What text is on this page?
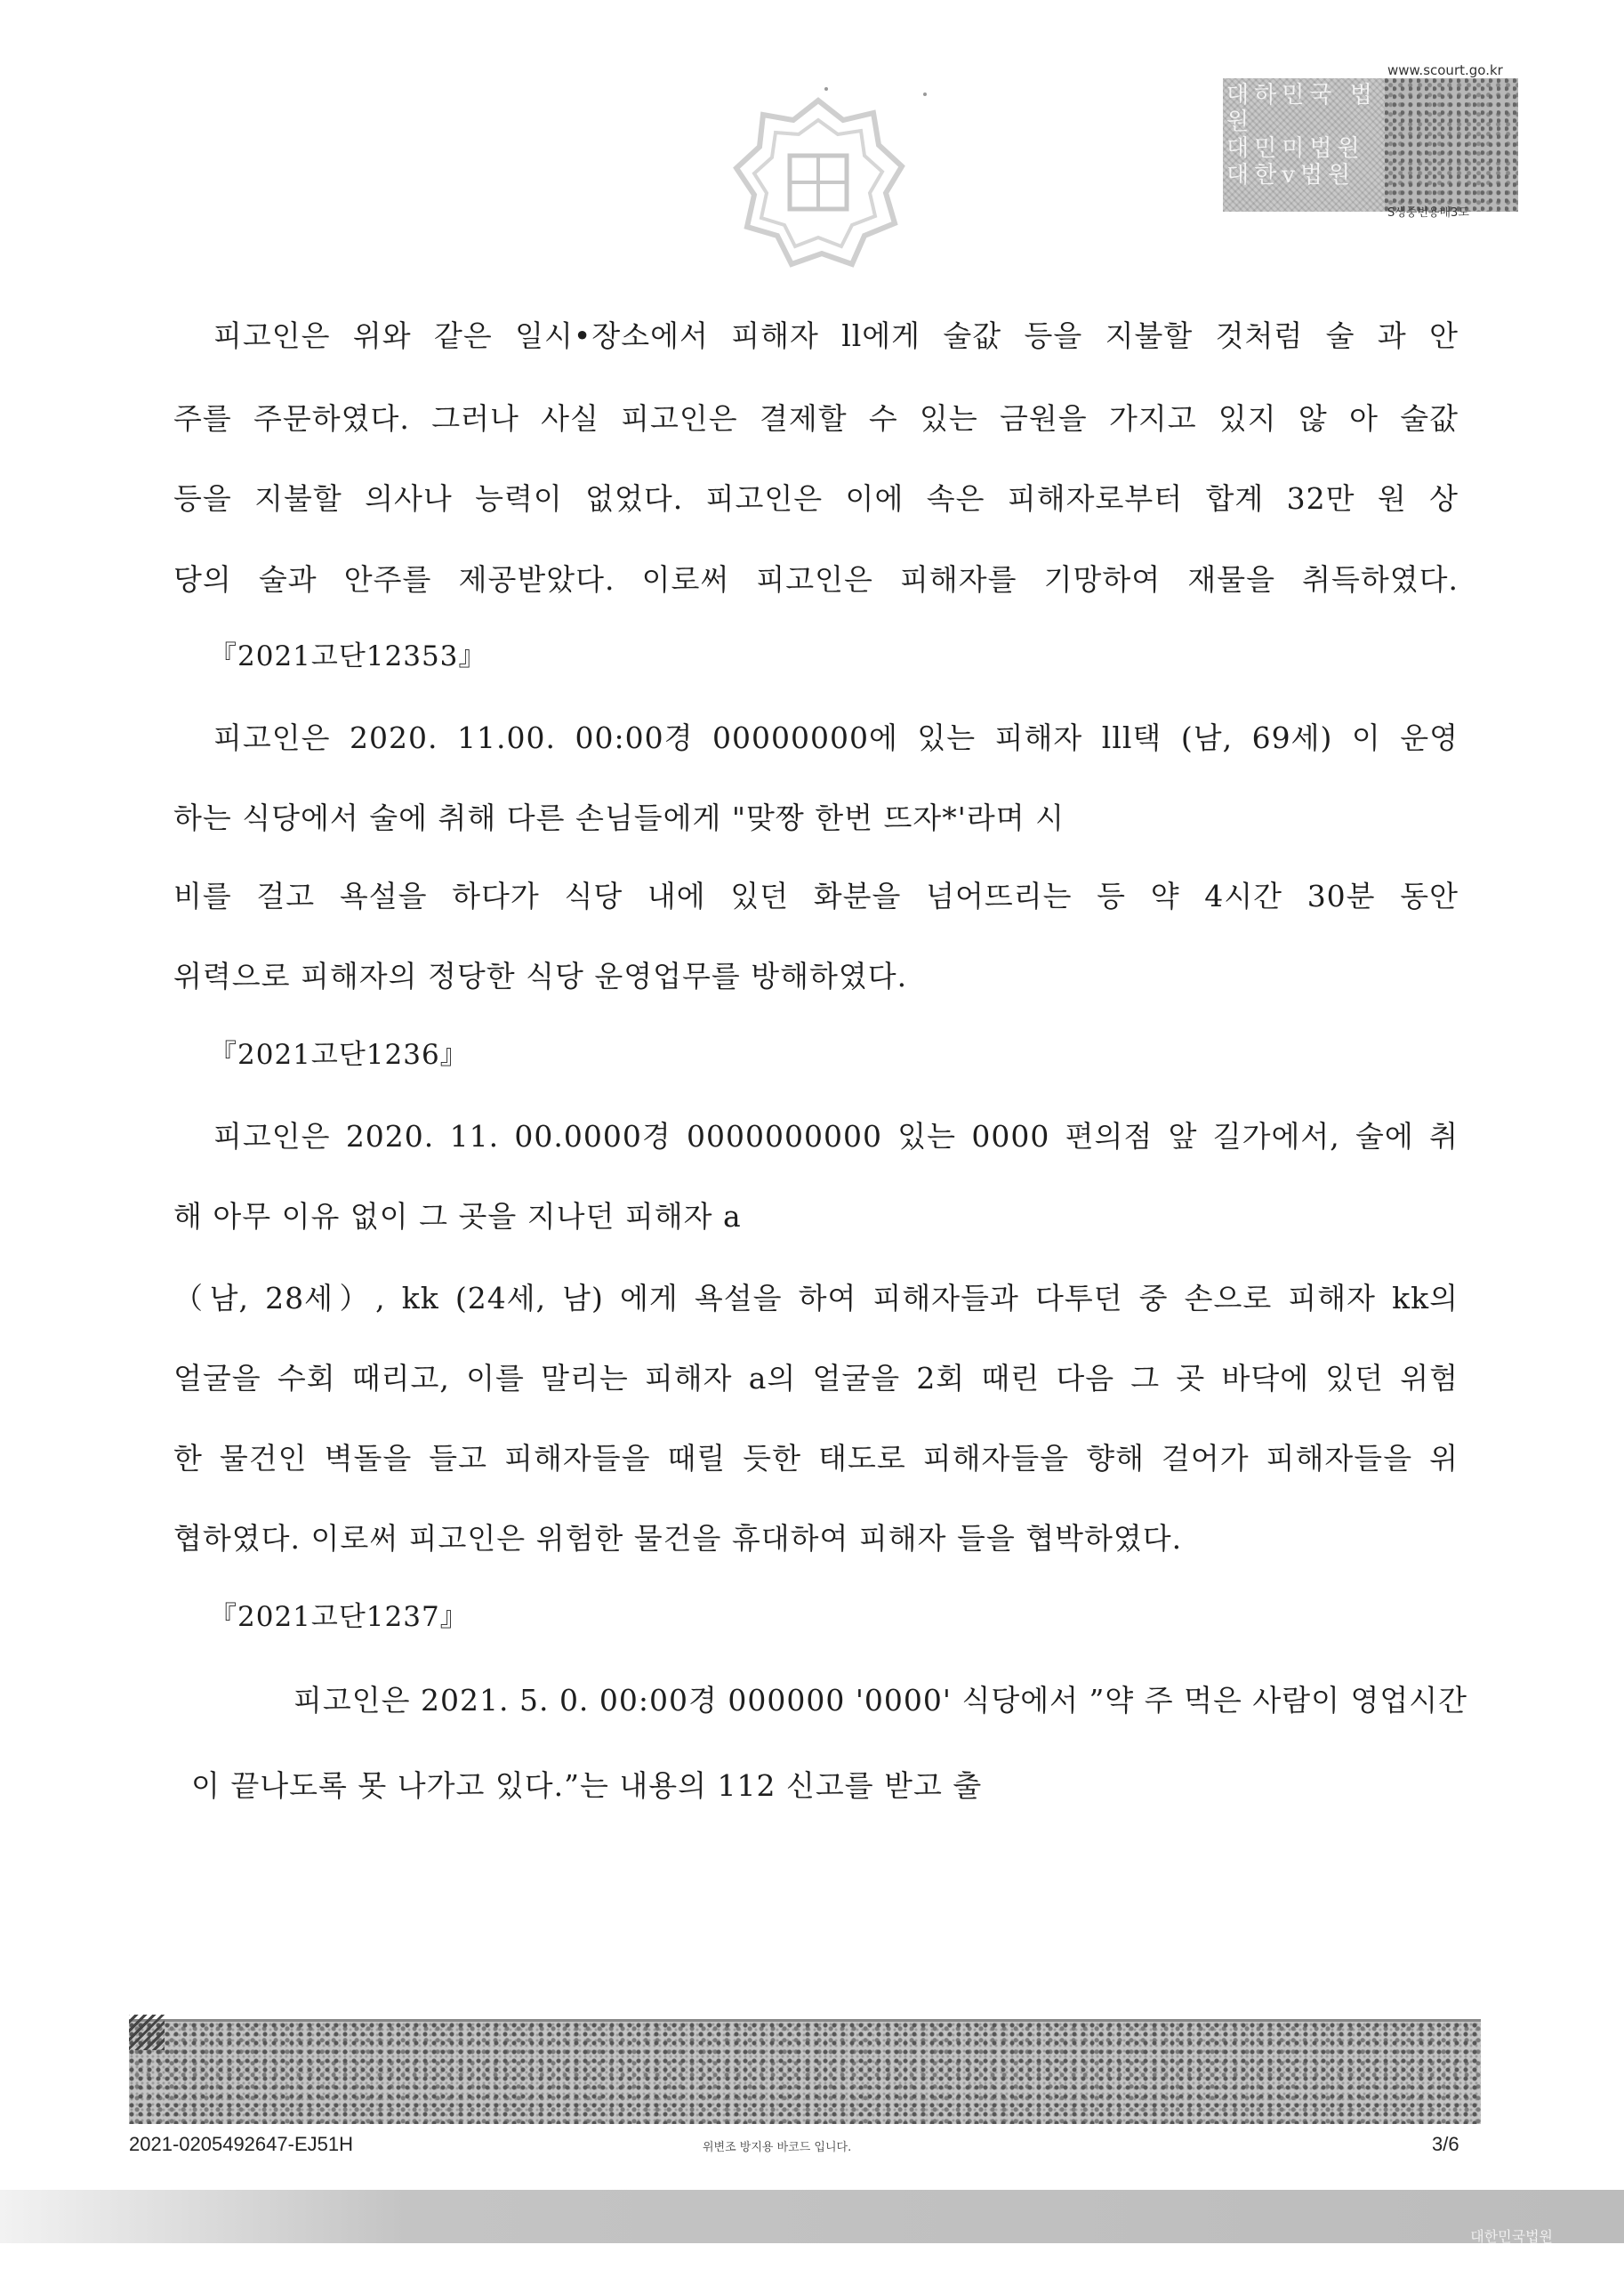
www.scourt.go.kr
대하민국 법원
대민미법원
대한v법원
S생중번용배3도
피고인은 위와 같은 일시•장소에서 피해자 ll에게 술값 등을 지불할 것처럼 술 과 안
주를 주문하였다. 그러나 사실 피고인은 결제할 수 있는 금원을 가지고 있지 않 아 술값
등을 지불할 의사나 능력이 없었다. 피고인은 이에 속은 피해자로부터 합계 32만 원 상
당의 술과 안주를 제공받았다. 이로써 피고인은 피해자를 기망하여 재물을 취득하였다.
『2021고단12353』
피고인은 2020. 11.00. 00:00경 00000000에 있는 피해자 lll택 (남, 69세) 이 운영
하는 식당에서 술에 취해 다른 손님들에게 "맞짱 한번 뜨자*'라며 시
비를 걸고 욕설을 하다가 식당 내에 있던 화분을 넘어뜨리는 등 약 4시간 30분 동안
위력으로 피해자의 정당한 식당 운영업무를 방해하였다.
『2021고단1236』
피고인은 2020. 11. 00.0000경 0000000000 있는 0000 편의점 앞 길가에서, 술에 취
해 아무 이유 없이 그 곳을 지나던 피해자 a
（남, 28세）, kk (24세, 남) 에게 욕설을 하여 피해자들과 다투던 중 손으로 피해자 kk의
얼굴을 수회 때리고, 이를 말리는 피해자 a의 얼굴을 2회 때린 다음 그 곳 바닥에 있던 위험
한 물건인 벽돌을 들고 피해자들을 때릴 듯한 태도로 피해자들을 향해 걸어가 피해자들을 위
협하였다. 이로써 피고인은 위험한 물건을 휴대하여 피해자 들을 협박하였다.
『2021고단1237』
피고인은 2021. 5. 0. 00:00경 000000 '0000' 식당에서 ”약 주 먹은 사람이 영업시간
이 끝나도록 못 나가고 있다.”는 내용의 112 신고를 받고 출
2021-0205492647-EJ51H	위변조 방지용 바코드 입니다.	3/6
대한민국법원
